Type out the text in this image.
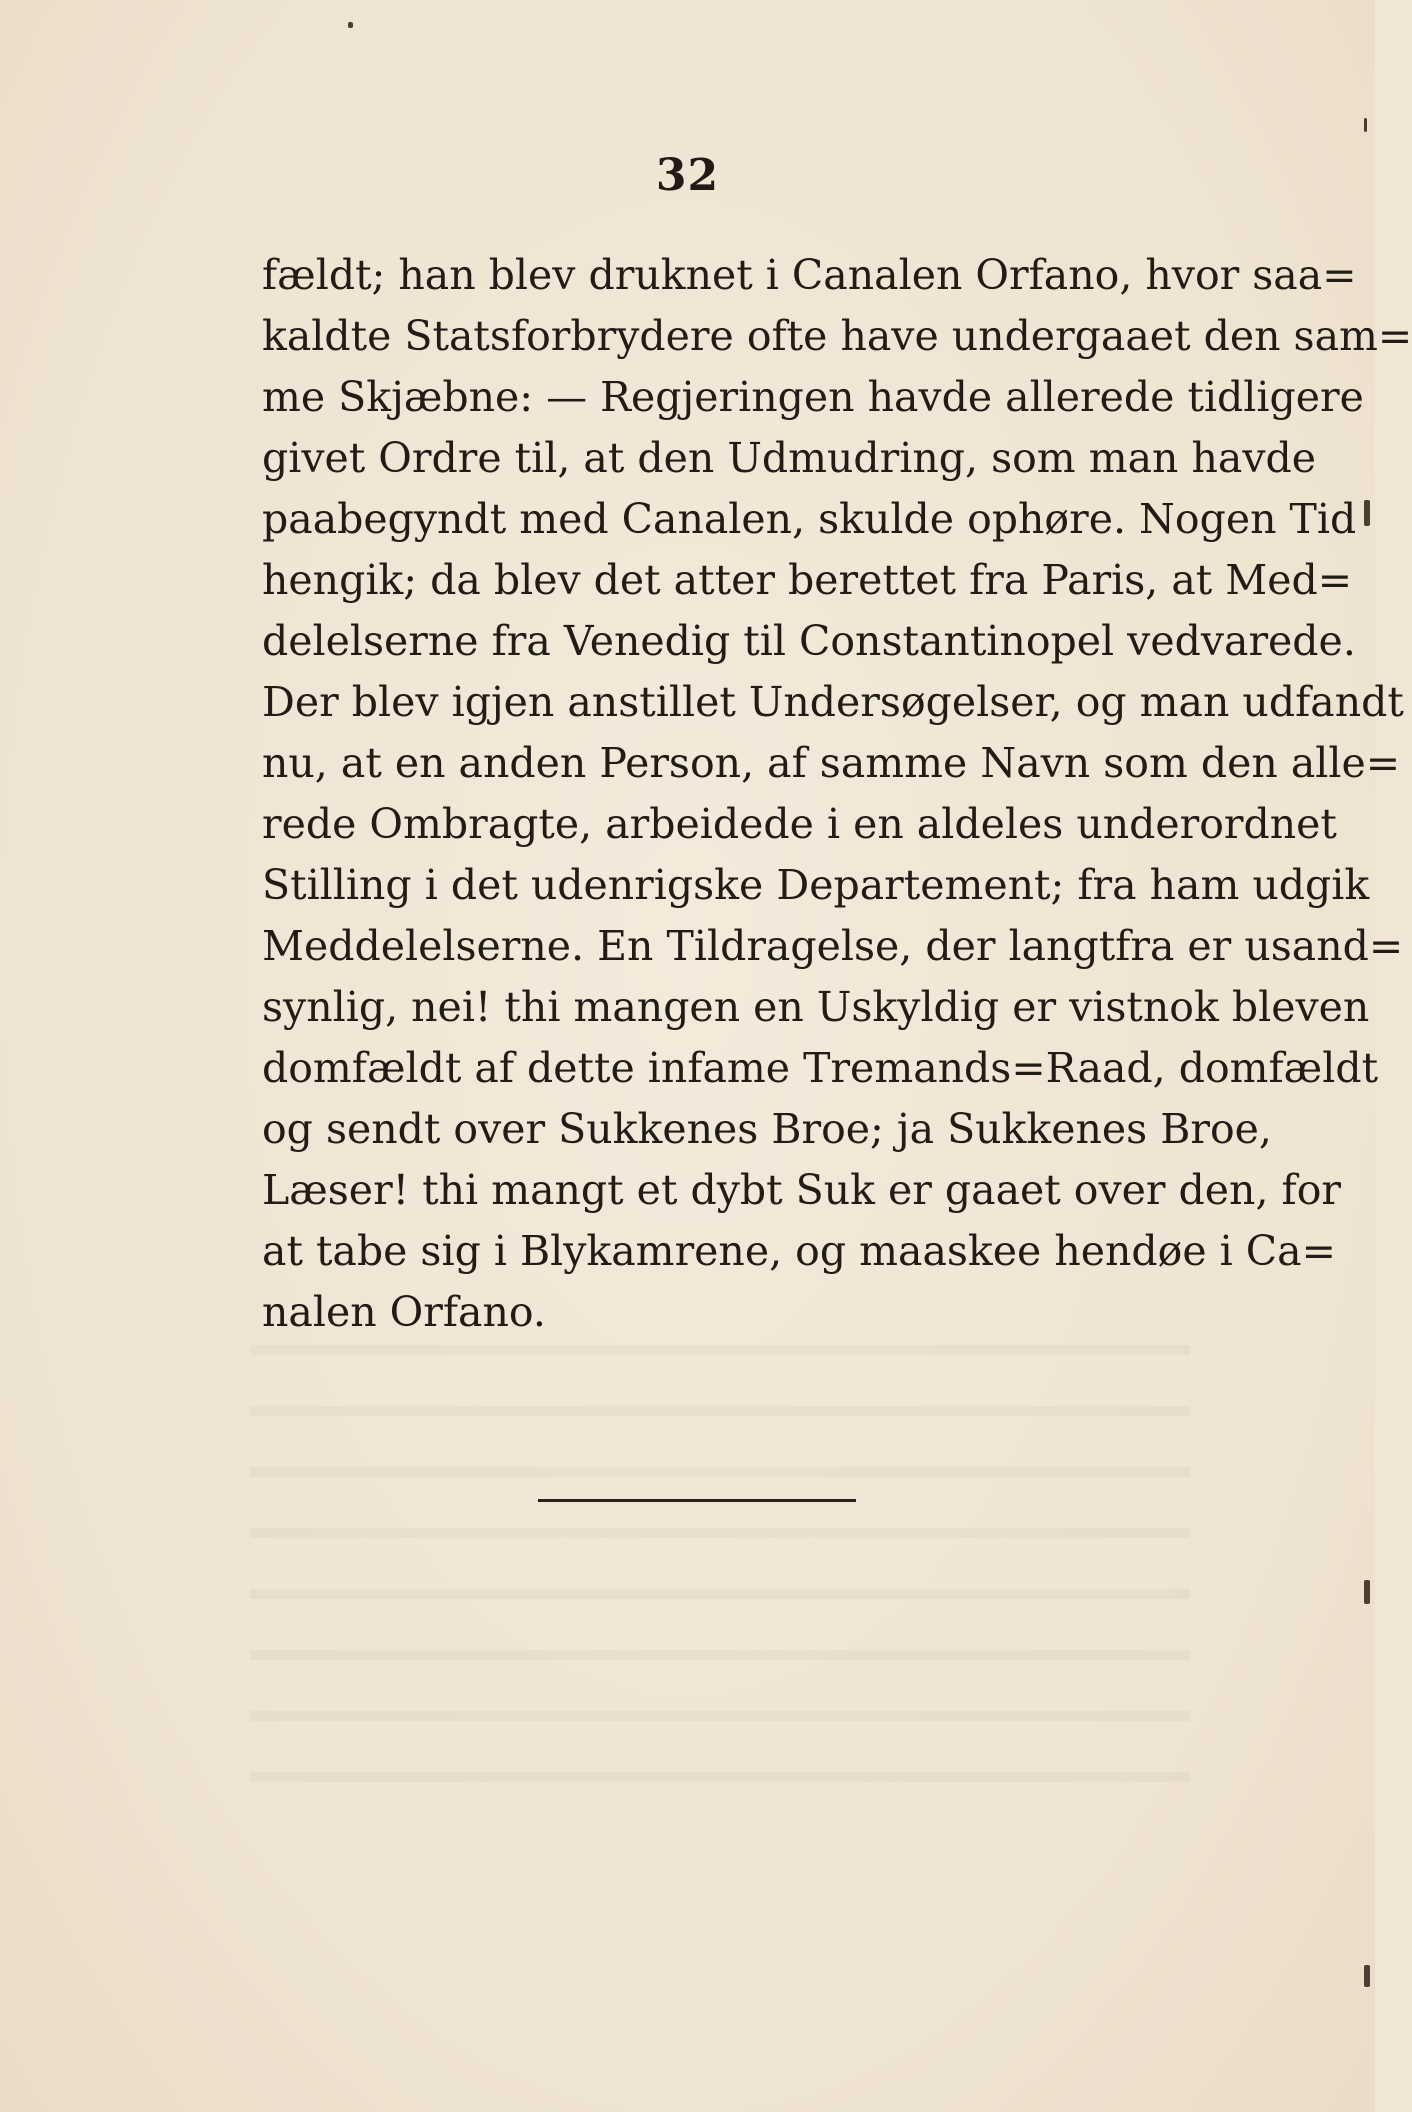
32
fældt; han blev druknet i Canalen Orfano, hvor saa=
kaldte Statsforbrydere ofte have undergaaet den sam=
me Skjæbne: — Regjeringen havde allerede tidligere
givet Ordre til, at den Udmudring, som man havde
paabegyndt med Canalen, skulde ophøre. Nogen Tid
hengik; da blev det atter berettet fra Paris, at Med=
delelserne fra Venedig til Constantinopel vedvarede.
Der blev igjen anstillet Undersøgelser, og man udfandt
nu, at en anden Person, af samme Navn som den alle=
rede Ombragte, arbeidede i en aldeles underordnet
Stilling i det udenrigske Departement; fra ham udgik
Meddelelserne. En Tildragelse, der langtfra er usand=
synlig, nei! thi mangen en Uskyldig er vistnok bleven
domfældt af dette infame Tremands=Raad, domfældt
og sendt over Sukkenes Broe; ja Sukkenes Broe,
Læser! thi mangt et dybt Suk er gaaet over den, for
at tabe sig i Blykamrene, og maaskee hendøe i Ca=
nalen Orfano.
